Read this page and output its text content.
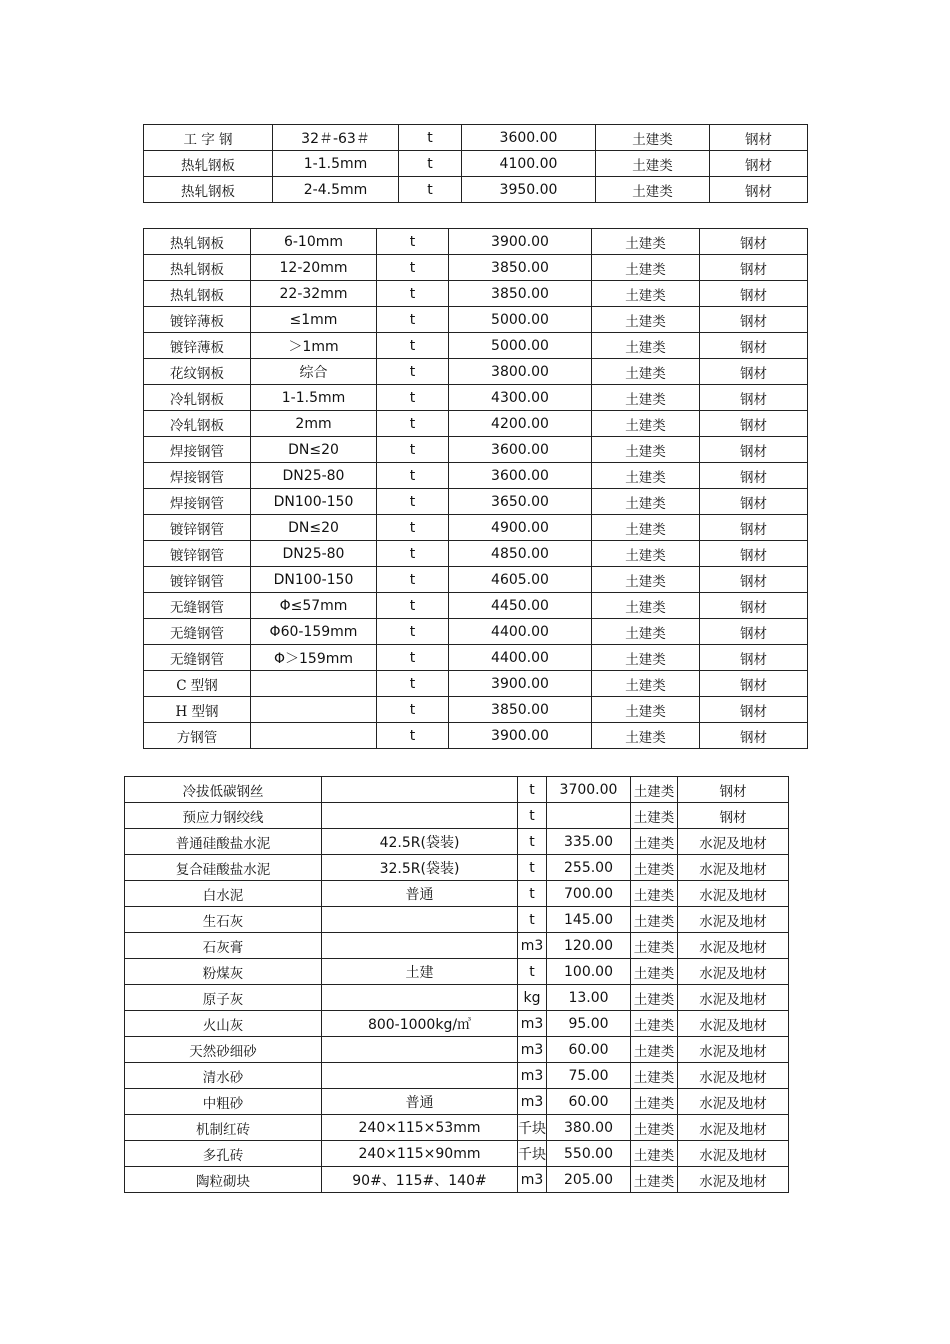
工 字 钢	32＃-63＃	t	3600.00	土建类	钢材
热轧钢板	1-1.5mm	t	4100.00	土建类	钢材
热轧钢板	2-4.5mm	t	3950.00	土建类	钢材
热轧钢板	6-10mm	t	3900.00	土建类	钢材
热轧钢板	12-20mm	t	3850.00	土建类	钢材
热轧钢板	22-32mm	t	3850.00	土建类	钢材
镀锌薄板	≤1mm	t	5000.00	土建类	钢材
镀锌薄板	＞1mm	t	5000.00	土建类	钢材
花纹钢板	综合	t	3800.00	土建类	钢材
冷轧钢板	1-1.5mm	t	4300.00	土建类	钢材
冷轧钢板	2mm	t	4200.00	土建类	钢材
焊接钢管	DN≤20	t	3600.00	土建类	钢材
焊接钢管	DN25-80	t	3600.00	土建类	钢材
焊接钢管	DN100-150	t	3650.00	土建类	钢材
镀锌钢管	DN≤20	t	4900.00	土建类	钢材
镀锌钢管	DN25-80	t	4850.00	土建类	钢材
镀锌钢管	DN100-150	t	4605.00	土建类	钢材
无缝钢管	Φ≤57mm	t	4450.00	土建类	钢材
无缝钢管	Φ60-159mm	t	4400.00	土建类	钢材
无缝钢管	Φ＞159mm	t	4400.00	土建类	钢材
C 型钢		t	3900.00	土建类	钢材
H 型钢		t	3850.00	土建类	钢材
方钢管		t	3900.00	土建类	钢材
冷拔低碳钢丝		t	3700.00	土建类	钢材
预应力钢绞线		t		土建类	钢材
普通硅酸盐水泥	42.5R(袋装)	t	335.00	土建类	水泥及地材
复合硅酸盐水泥	32.5R(袋装)	t	255.00	土建类	水泥及地材
白水泥	普通	t	700.00	土建类	水泥及地材
生石灰		t	145.00	土建类	水泥及地材
石灰膏		m3	120.00	土建类	水泥及地材
粉煤灰	土建	t	100.00	土建类	水泥及地材
原子灰		kg	13.00	土建类	水泥及地材
火山灰	800-1000kg/㎥	m3	95.00	土建类	水泥及地材
天然砂细砂		m3	60.00	土建类	水泥及地材
清水砂		m3	75.00	土建类	水泥及地材
中粗砂	普通	m3	60.00	土建类	水泥及地材
机制红砖	240×115×53mm	千块	380.00	土建类	水泥及地材
多孔砖	240×115×90mm	千块	550.00	土建类	水泥及地材
陶粒砌块	90#、115#、140#	m3	205.00	土建类	水泥及地材
